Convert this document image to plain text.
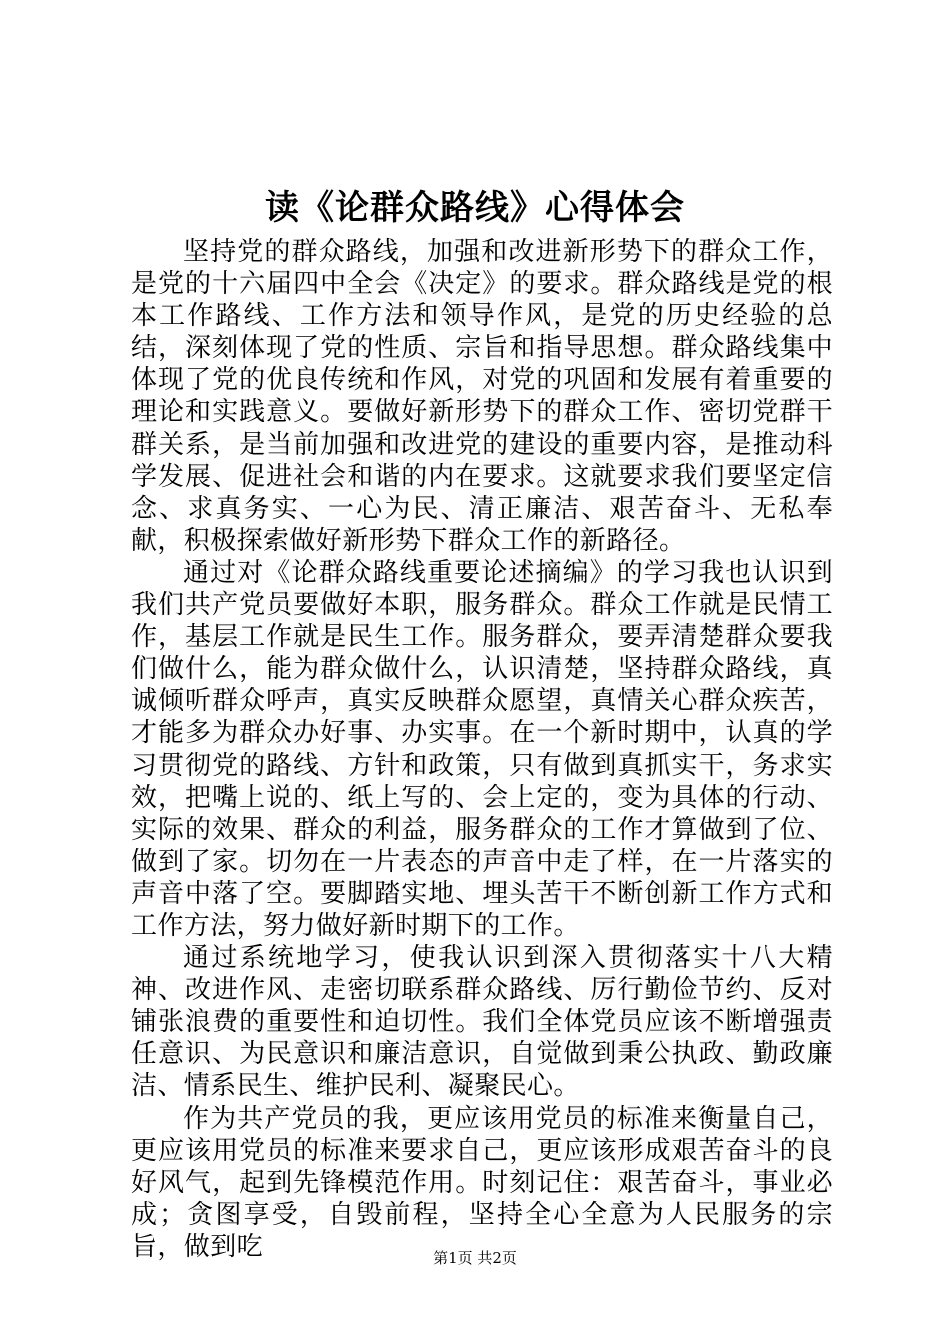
读《论群众路线》心得体会

坚持党的群众路线，加强和改进新形势下的群众工作，是党的十六届四中全会《决定》的要求。群众路线是党的根本工作路线、工作方法和领导作风，是党的历史经验的总结，深刻体现了党的性质、宗旨和指导思想。群众路线集中体现了党的优良传统和作风，对党的巩固和发展有着重要的理论和实践意义。要做好新形势下的群众工作、密切党群干群关系，是当前加强和改进党的建设的重要内容，是推动科学发展、促进社会和谐的内在要求。这就要求我们要坚定信念、求真务实、一心为民、清正廉洁、艰苦奋斗、无私奉献，积极探索做好新形势下群众工作的新路径。

通过对《论群众路线重要论述摘编》的学习我也认识到我们共产党员要做好本职，服务群众。群众工作就是民情工作，基层工作就是民生工作。服务群众，要弄清楚群众要我们做什么，能为群众做什么，认识清楚，坚持群众路线，真诚倾听群众呼声，真实反映群众愿望，真情关心群众疾苦，才能多为群众办好事、办实事。在一个新时期中，认真的学习贯彻党的路线、方针和政策，只有做到真抓实干，务求实效，把嘴上说的、纸上写的、会上定的，变为具体的行动、实际的效果、群众的利益，服务群众的工作才算做到了位、做到了家。切勿在一片表态的声音中走了样，在一片落实的声音中落了空。要脚踏实地、埋头苦干不断创新工作方式和工作方法，努力做好新时期下的工作。

通过系统地学习，使我认识到深入贯彻落实十八大精神、改进作风、走密切联系群众路线、厉行勤俭节约、反对铺张浪费的重要性和迫切性。我们全体党员应该不断增强责任意识、为民意识和廉洁意识，自觉做到秉公执政、勤政廉洁、情系民生、维护民利、凝聚民心。

作为共产党员的我，更应该用党员的标准来衡量自己，更应该用党员的标准来要求自己，更应该形成艰苦奋斗的良好风气，起到先锋模范作用。时刻记住：艰苦奋斗，事业必成；贪图享受，自毁前程，坚持全心全意为人民服务的宗旨，做到吃	第1页 共2页
